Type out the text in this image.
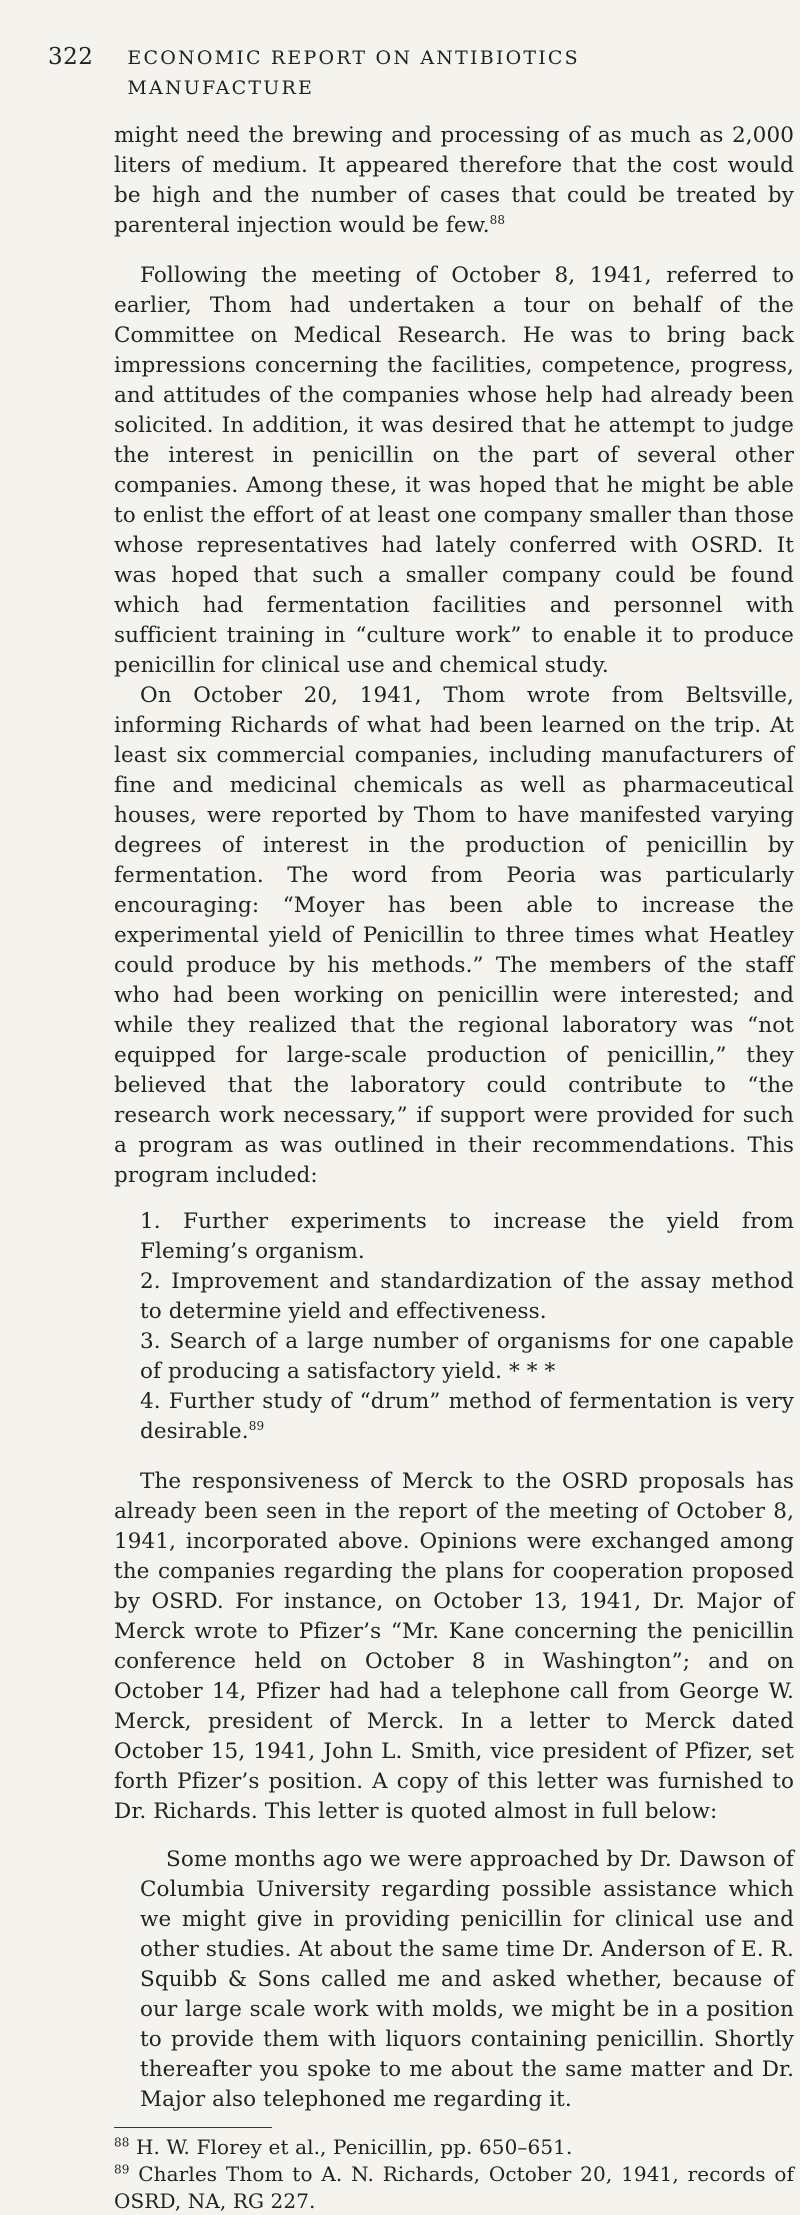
322 ECONOMIC REPORT ON ANTIBIOTICS MANUFACTURE

might need the brewing and processing of as much as 2,000 liters of medium. It appeared therefore that the cost would be high and the number of cases that could be treated by parenteral injection would be few.$^{88}$

Following the meeting of October 8, 1941, referred to earlier, Thom had undertaken a tour on behalf of the Committee on Medical Research. He was to bring back impressions concerning the facilities, competence, progress, and attitudes of the companies whose help had already been solicited. In addition, it was desired that he attempt to judge the interest in penicillin on the part of several other companies. Among these, it was hoped that he might be able to enlist the effort of at least one company smaller than those whose representatives had lately conferred with OSRD. It was hoped that such a smaller company could be found which had fermentation facilities and personnel with sufficient training in “culture work” to enable it to produce penicillin for clinical use and chemical study.

On October 20, 1941, Thom wrote from Beltsville, informing Richards of what had been learned on the trip. At least six commercial companies, including manufacturers of fine and medicinal chemicals as well as pharmaceutical houses, were reported by Thom to have manifested varying degrees of interest in the production of penicillin by fermentation. The word from Peoria was particularly encouraging: “Moyer has been able to increase the experimental yield of Penicillin to three times what Heatley could produce by his methods.” The members of the staff who had been working on penicillin were interested; and while they realized that the regional laboratory was “not equipped for large-scale production of penicillin,” they believed that the laboratory could contribute to “the research work necessary,” if support were provided for such a program as was outlined in their recommendations. This program included:

1. Further experiments to increase the yield from Fleming’s organism.

2. Improvement and standardization of the assay method to determine yield and effectiveness.

3. Search of a large number of organisms for one capable of producing a satisfactory yield. * * *

4. Further study of “drum” method of fermentation is very desirable.$^{89}$

The responsiveness of Merck to the OSRD proposals has already been seen in the report of the meeting of October 8, 1941, incorporated above. Opinions were exchanged among the companies regarding the plans for cooperation proposed by OSRD. For instance, on October 13, 1941, Dr. Major of Merck wrote to Pfizer’s “Mr. Kane concerning the penicillin conference held on October 8 in Washington”; and on October 14, Pfizer had had a telephone call from George W. Merck, president of Merck. In a letter to Merck dated October 15, 1941, John L. Smith, vice president of Pfizer, set forth Pfizer’s position. A copy of this letter was furnished to Dr. Richards. This letter is quoted almost in full below:

Some months ago we were approached by Dr. Dawson of Columbia University regarding possible assistance which we might give in providing penicillin for clinical use and other studies. At about the same time Dr. Anderson of E. R. Squibb & Sons called me and asked whether, because of our large scale work with molds, we might be in a position to provide them with liquors containing penicillin. Shortly thereafter you spoke to me about the same matter and Dr. Major also telephoned me regarding it.

$^{88}$ H. W. Florey et al., Penicillin, pp. 650–651.

$^{89}$ Charles Thom to A. N. Richards, October 20, 1941, records of OSRD, NA, RG 227.
